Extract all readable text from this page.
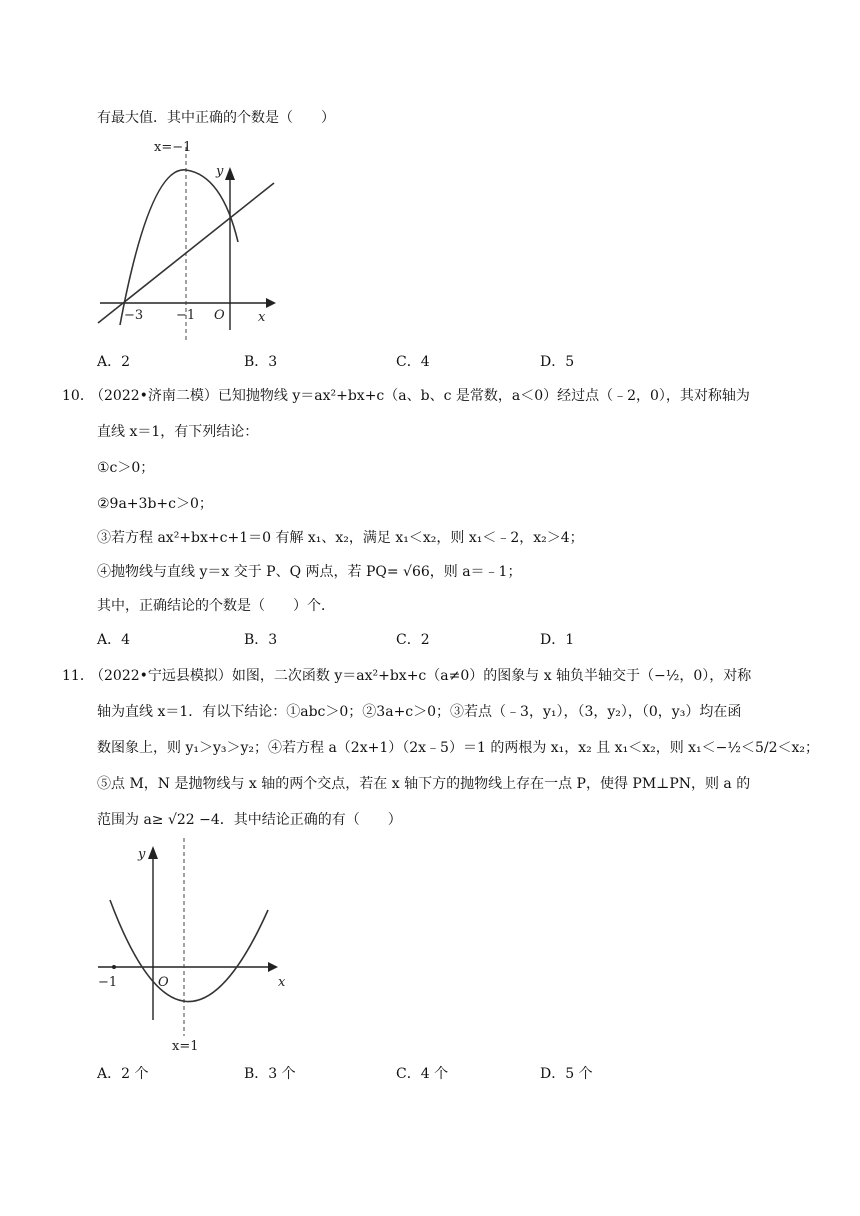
有最大值．其中正确的个数是（　　）
x=−1
y
x
O
−3	−1
A．2	B．3	C．4	D．5
10．
（2022•济南二模）已知抛物线 y＝ax²+bx+c（a、b、c 是常数，a＜0）经过点（﹣2，0），其对称轴为
直线 x＝1，有下列结论：
①c＞0；
②9a+3b+c＞0；
③若方程 ax²+bx+c+1＝0 有解 x₁、x₂，满足 x₁＜x₂，则 x₁＜﹣2，x₂＞4；
④抛物线与直线 y＝x 交于 P、Q 两点，若 PQ= √66，则 a＝﹣1；
其中，正确结论的个数是（　　）个．
A．4	B．3	C．2	D．1
11．
（2022•宁远县模拟）如图，二次函数 y＝ax²+bx+c（a≠0）的图象与 x 轴负半轴交于（−½，0），对称
轴为直线 x＝1．有以下结论：①abc＞0；②3a+c＞0；③若点（﹣3，y₁），（3，y₂），（0，y₃）均在函
数图象上，则 y₁＞y₃＞y₂；④若方程 a（2x+1）（2x﹣5）＝1 的两根为 x₁，x₂ 且 x₁＜x₂，则 x₁＜−½＜5/2＜x₂；
⑤点 M，N 是抛物线与 x 轴的两个交点，若在 x 轴下方的抛物线上存在一点 P，使得 PM⊥PN，则 a 的
范围为 a≥ √22 −4．其中结论正确的有（　　）
y
x
O
−1
x=1
A．2 个	B．3 个	C．4 个	D．5 个
